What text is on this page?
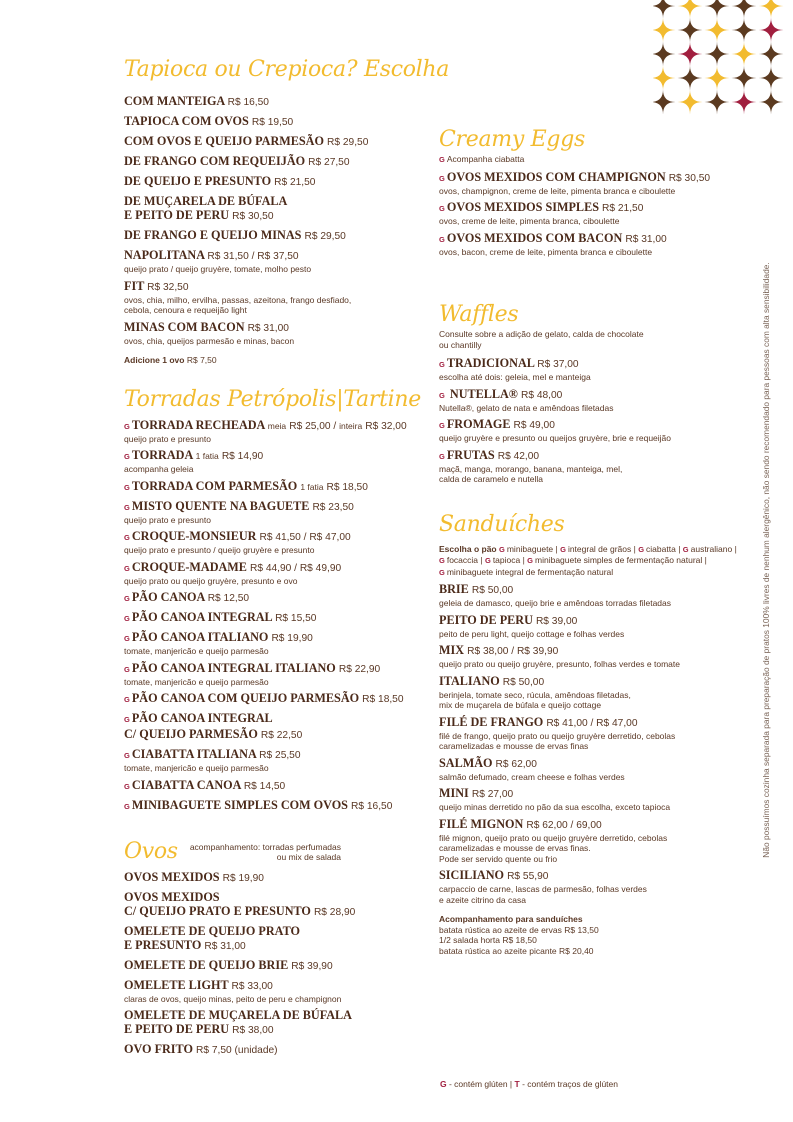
Tapioca ou Crepioca? Escolha
COM MANTEIGA R$ 16,50
TAPIOCA COM OVOS R$ 19,50
COM OVOS E QUEIJO PARMESÃO R$ 29,50
DE FRANGO COM REQUEIJÃO R$ 27,50
DE QUEIJO E PRESUNTO R$ 21,50
DE MUÇARELA DE BÚFALA
E PEITO DE PERU R$ 30,50
DE FRANGO E QUEIJO MINAS R$ 29,50
NAPOLITANA R$ 31,50 / R$ 37,50
queijo prato / queijo gruyère, tomate, molho pesto
FIT R$ 32,50
ovos, chia, milho, ervilha, passas, azeitona, frango desfiado,
cebola, cenoura e requeijão light
MINAS COM BACON R$ 31,00
ovos, chia, queijos parmesão e minas, bacon
Adicione 1 ovo R$ 7,50
Torradas Petrópolis|Tartine
G TORRADA RECHEADA meia R$ 25,00 / inteira R$ 32,00
queijo prato e presunto
G TORRADA 1 fatia R$ 14,90
acompanha geleia
G TORRADA COM PARMESÃO 1 fatia R$ 18,50
G MISTO QUENTE NA BAGUETE R$ 23,50
queijo prato e presunto
G CROQUE-MONSIEUR R$ 41,50 / R$ 47,00
queijo prato e presunto / queijo gruyère e presunto
G CROQUE-MADAME R$ 44,90 / R$ 49,90
queijo prato ou queijo gruyère, presunto e ovo
G PÃO CANOA R$ 12,50
G PÃO CANOA INTEGRAL R$ 15,50
G PÃO CANOA ITALIANO R$ 19,90
tomate, manjericão e queijo parmesão
G PÃO CANOA INTEGRAL ITALIANO R$ 22,90
tomate, manjericão e queijo parmesão
G PÃO CANOA COM QUEIJO PARMESÃO R$ 18,50
G PÃO CANOA INTEGRAL
C/ QUEIJO PARMESÃO R$ 22,50
G CIABATTA ITALIANA R$ 25,50
tomate, manjericão e queijo parmesão
G CIABATTA CANOA R$ 14,50
G MINIBAGUETE SIMPLES COM OVOS R$ 16,50
Ovos acompanhamento: torradas perfumadas
ou mix de salada
OVOS MEXIDOS R$ 19,90
OVOS MEXIDOS
C/ QUEIJO PRATO E PRESUNTO R$ 28,90
OMELETE DE QUEIJO PRATO
E PRESUNTO R$ 31,00
OMELETE DE QUEIJO BRIE R$ 39,90
OMELETE LIGHT R$ 33,00
claras de ovos, queijo minas, peito de peru e champignon
OMELETE DE MUÇARELA DE BÚFALA
E PEITO DE PERU R$ 38,00
OVO FRITO R$ 7,50 (unidade)
Creamy Eggs
G Acompanha ciabatta
G OVOS MEXIDOS COM CHAMPIGNON R$ 30,50
ovos, champignon, creme de leite, pimenta branca e ciboulette
G OVOS MEXIDOS SIMPLES R$ 21,50
ovos, creme de leite, pimenta branca, ciboulette
G OVOS MEXIDOS COM BACON R$ 31,00
ovos, bacon, creme de leite, pimenta branca e ciboulette
Waffles
Consulte sobre a adição de gelato, calda de chocolate
ou chantilly
G TRADICIONAL R$ 37,00
escolha até dois: geleia, mel e manteiga
G NUTELLA® R$ 48,00
Nutella®, gelato de nata e amêndoas filetadas
G FROMAGE R$ 49,00
queijo gruyère e presunto ou queijos gruyère, brie e requeijão
G FRUTAS R$ 42,00
maçã, manga, morango, banana, manteiga, mel,
calda de caramelo e nutella
Sanduíches
Escolha o pão G minibaguete | G integral de grãos | G ciabatta | G australiano | G focaccia | G tapioca | G minibaguete simples de fermentação natural | G minibaguete integral de fermentação natural
BRIE R$ 50,00
geleia de damasco, queijo brie e amêndoas torradas filetadas
PEITO DE PERU R$ 39,00
peito de peru light, queijo cottage e folhas verdes
MIX R$ 38,00 / R$ 39,90
queijo prato ou queijo gruyère, presunto, folhas verdes e tomate
ITALIANO R$ 50,00
berinjela, tomate seco, rúcula, amêndoas filetadas,
mix de muçarela de búfala e queijo cottage
FILÉ DE FRANGO R$ 41,00 / R$ 47,00
filé de frango, queijo prato ou queijo gruyère derretido, cebolas
caramelizadas e mousse de ervas finas
SALMÃO R$ 62,00
salmão defumado, cream cheese e folhas verdes
MINI R$ 27,00
queijo minas derretido no pão da sua escolha, exceto tapioca
FILÉ MIGNON R$ 62,00 / 69,00
filé mignon, queijo prato ou queijo gruyère derretido, cebolas
caramelizadas e mousse de ervas finas.
Pode ser servido quente ou frio
SICILIANO R$ 55,90
carpaccio de carne, lascas de parmesão, folhas verdes
e azeite citrino da casa
Acompanhamento para sanduíches
batata rústica ao azeite de ervas R$ 13,50
1/2 salada horta R$ 18,50
batata rústica ao azeite picante R$ 20,40
Não possuímos cozinha separada para preparação de pratos 100% livres de nenhum alergênico, não sendo recomendado para pessoas com alta sensibilidade.
G - contém glúten | T - contém traços de glúten
